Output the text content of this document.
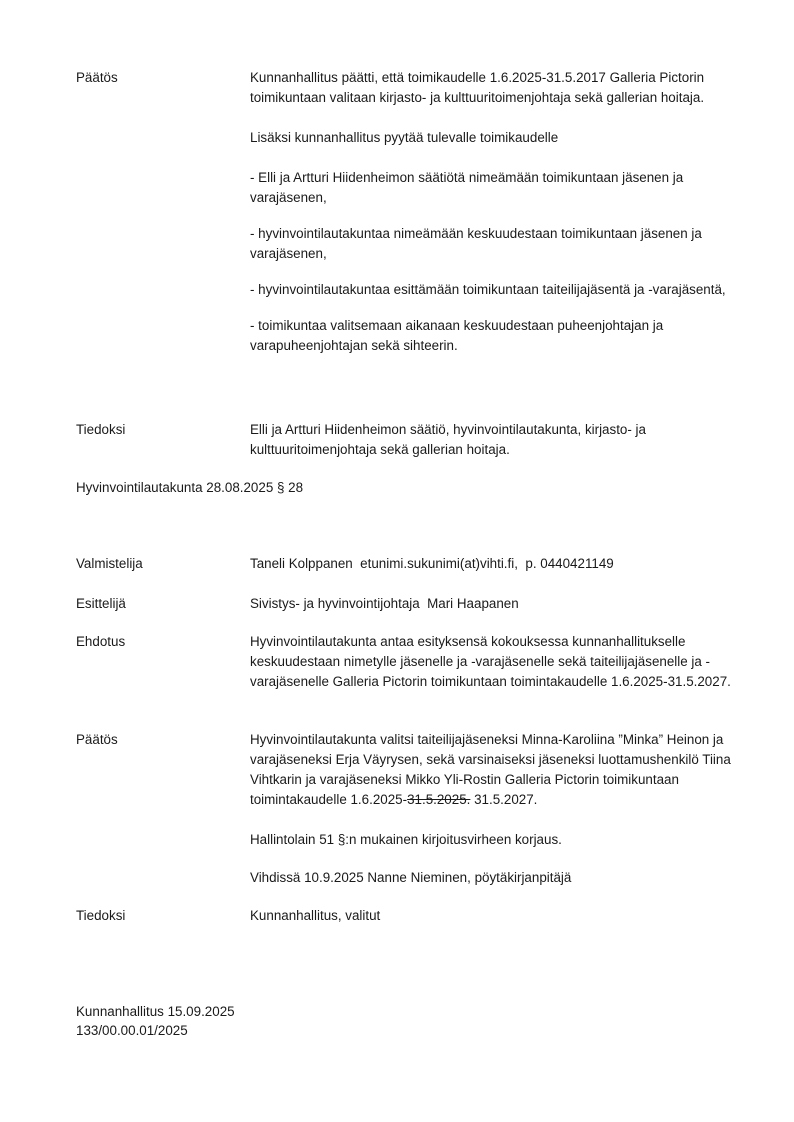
Päätös	Kunnanhallitus päätti, että toimikaudelle 1.6.2025-31.5.2017 Galleria Pictorin toimikuntaan valitaan kirjasto- ja kulttuuritoimenjohtaja sekä gallerian hoitaja.

Lisäksi kunnanhallitus pyytää tulevalle toimikaudelle

- Elli ja Artturi Hiidenheimon säätiötä nimeämään toimikuntaan jäsenen ja varajäsenen,

- hyvinvointilautakuntaa nimeämään keskuudestaan toimikuntaan jäsenen ja varajäsenen,

- hyvinvointilautakuntaa esittämään toimikuntaan taiteilijajäsentä ja -varajäsentä,

- toimikuntaa valitsemaan aikanaan keskuudestaan puheenjohtajan ja varapuheenjohtajan sekä sihteerin.

Tiedoksi	Elli ja Artturi Hiidenheimon säätiö, hyvinvointilautakunta, kirjasto- ja kulttuuritoimenjohtaja sekä gallerian hoitaja.

Hyvinvointilautakunta 28.08.2025 § 28
Valmistelija	Taneli Kolppanen  etunimi.sukunimi(at)vihti.fi,  p. 0440421149

Esittelijä	Sivistys- ja hyvinvointijohtaja  Mari Haapanen

Ehdotus	Hyvinvointilautakunta antaa esityksensä kokouksessa kunnanhallitukselle keskuudestaan nimetylle jäsenelle ja -varajäsenelle sekä taiteilijajäsenelle ja -varajäsenelle Galleria Pictorin toimikuntaan toimintakaudelle 1.6.2025-31.5.2027.

Päätös	Hyvinvointilautakunta valitsi taiteilijajäseneksi Minna-Karoliina ”Minka” Heinon ja varajäseneksi Erja Väyrysen, sekä varsinaiseksi jäseneksi luottamushenkilö Tiina Vihtkarin ja varajäseneksi Mikko Yli-Rostin Galleria Pictorin toimikuntaan toimintakaudelle 1.6.2025-31.5.2025. 31.5.2027.

Hallintolain 51 §:n mukainen kirjoitusvirheen korjaus.

Vihdissä 10.9.2025 Nanne Nieminen, pöytäkirjanpitäjä

Tiedoksi	Kunnanhallitus, valitut

Kunnanhallitus 15.09.2025
133/00.00.01/2025
